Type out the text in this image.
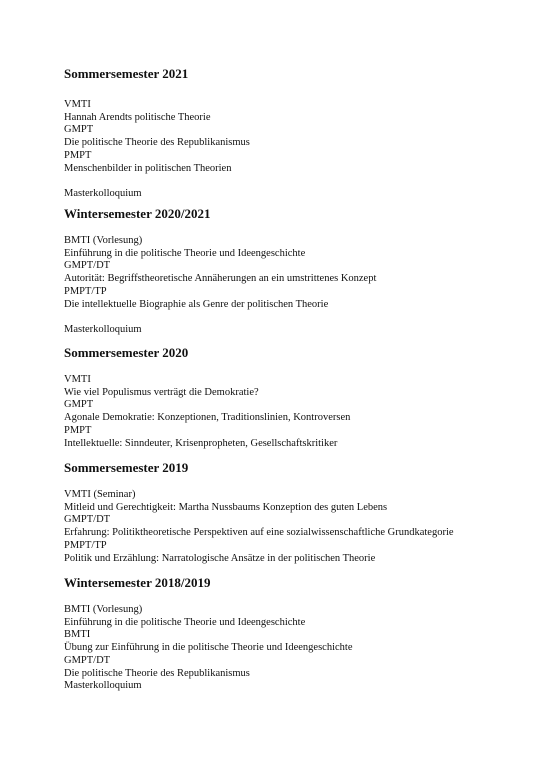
Sommersemester 2021
VMTI
Hannah Arendts politische Theorie
GMPT
Die politische Theorie des Republikanismus
PMPT
Menschenbilder in politischen Theorien
Masterkolloquium
Wintersemester 2020/2021
BMTI (Vorlesung)
Einführung in die politische Theorie und Ideengeschichte
GMPT/DT
Autorität: Begriffstheoretische Annäherungen an ein umstrittenes Konzept
PMPT/TP
Die intellektuelle Biographie als Genre der politischen Theorie
Masterkolloquium
Sommersemester 2020
VMTI
Wie viel Populismus verträgt die Demokratie?
GMPT
Agonale Demokratie: Konzeptionen, Traditionslinien, Kontroversen
PMPT
Intellektuelle: Sinndeuter, Krisenpropheten, Gesellschaftskritiker
Sommersemester 2019
VMTI (Seminar)
Mitleid und Gerechtigkeit: Martha Nussbaums Konzeption des guten Lebens
GMPT/DT
Erfahrung: Politiktheoretische Perspektiven auf eine sozialwissenschaftliche Grundkategorie
PMPT/TP
Politik und Erzählung: Narratologische Ansätze in der politischen Theorie
Wintersemester 2018/2019
BMTI (Vorlesung)
Einführung in die politische Theorie und Ideengeschichte
BMTI
Übung zur Einführung in die politische Theorie und Ideengeschichte
GMPT/DT
Die politische Theorie des Republikanismus
Masterkolloquium
